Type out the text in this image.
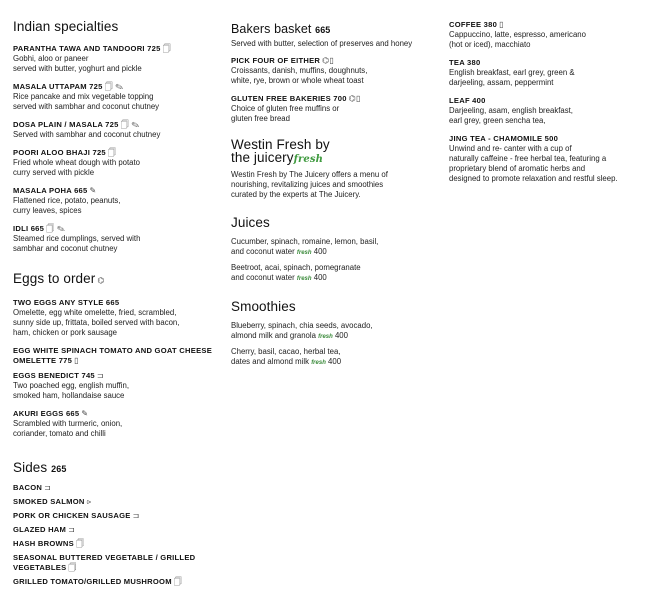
Indian specialties
PARANTHA TAWA AND TANDOORI 725 🗍
Gobhi, aloo or paneer
served with butter, yoghurt and pickle
MASALA UTTAPAM 725 🗍 ✎
Rice pancake and mix vegetable topping
served with sambhar and coconut chutney
DOSA PLAIN / MASALA 725 🗍 ✎
Served with sambhar and coconut chutney
POORI ALOO BHAJI 725 🗍
Fried whole wheat dough with potato
curry served with pickle
MASALA POHA 665 ✎
Flattened rice, potato, peanuts,
curry leaves, spices
IDLI 665 🗍 ✎
Steamed rice dumplings, served with
sambhar and coconut chutney
Eggs to order ⌬
TWO EGGS ANY STYLE 665
Omelette, egg white omelette, fried, scrambled,
sunny side up, frittata, boiled served with bacon,
ham, chicken or pork sausage
EGG WHITE SPINACH TOMATO AND GOAT CHEESE OMELETTE 775 ▯
EGGS BENEDICT 745 ⊐
Two poached egg, english muffin,
smoked ham, hollandaise sauce
AKURI EGGS 665 ✎
Scrambled with turmeric, onion,
coriander, tomato and chilli
Sides 265
BACON ⊐
SMOKED SALMON ⪧
PORK OR CHICKEN SAUSAGE ⊐
GLAZED HAM ⊐
HASH BROWNS 🗍
SEASONAL BUTTERED VEGETABLE / GRILLED VEGETABLES 🗍
GRILLED TOMATO/GRILLED MUSHROOM 🗍
Bakers basket 665
Served with butter, selection of preserves and honey
PICK FOUR OF EITHER ⌬▯
Croissants, danish, muffins, doughnuts,
white, rye, brown or whole wheat toast
GLUTEN FREE BAKERIES 700 ⌬▯
Choice of gluten free muffins or
gluten free bread
Westin Fresh by
the juiceryfresh
Westin Fresh by The Juicery offers a menu of
nourishing, revitalizing juices and smoothies
curated by the experts at The Juicery.
Juices
Cucumber, spinach, romaine, lemon, basil,
and coconut water fresh 400
Beetroot, acai, spinach, pomegranate
and coconut water fresh 400
Smoothies
Blueberry, spinach, chia seeds, avocado,
almond milk and granola fresh 400
Cherry, basil, cacao, herbal tea,
dates and almond milk fresh 400
COFFEE 380 ▯
Cappuccino, latte, espresso, americano
(hot or iced), macchiato
TEA 380
English breakfast, earl grey, green &
darjeeling, assam, peppermint
LEAF 400
Darjeeling, asam, english breakfast,
earl grey, green sencha tea,
JING TEA - CHAMOMILE 500
Unwind and re- canter with a cup of
naturally caffeine - free herbal tea, featuring a
proprietary blend of aromatic herbs and
designed to promote relaxation and restful sleep.
